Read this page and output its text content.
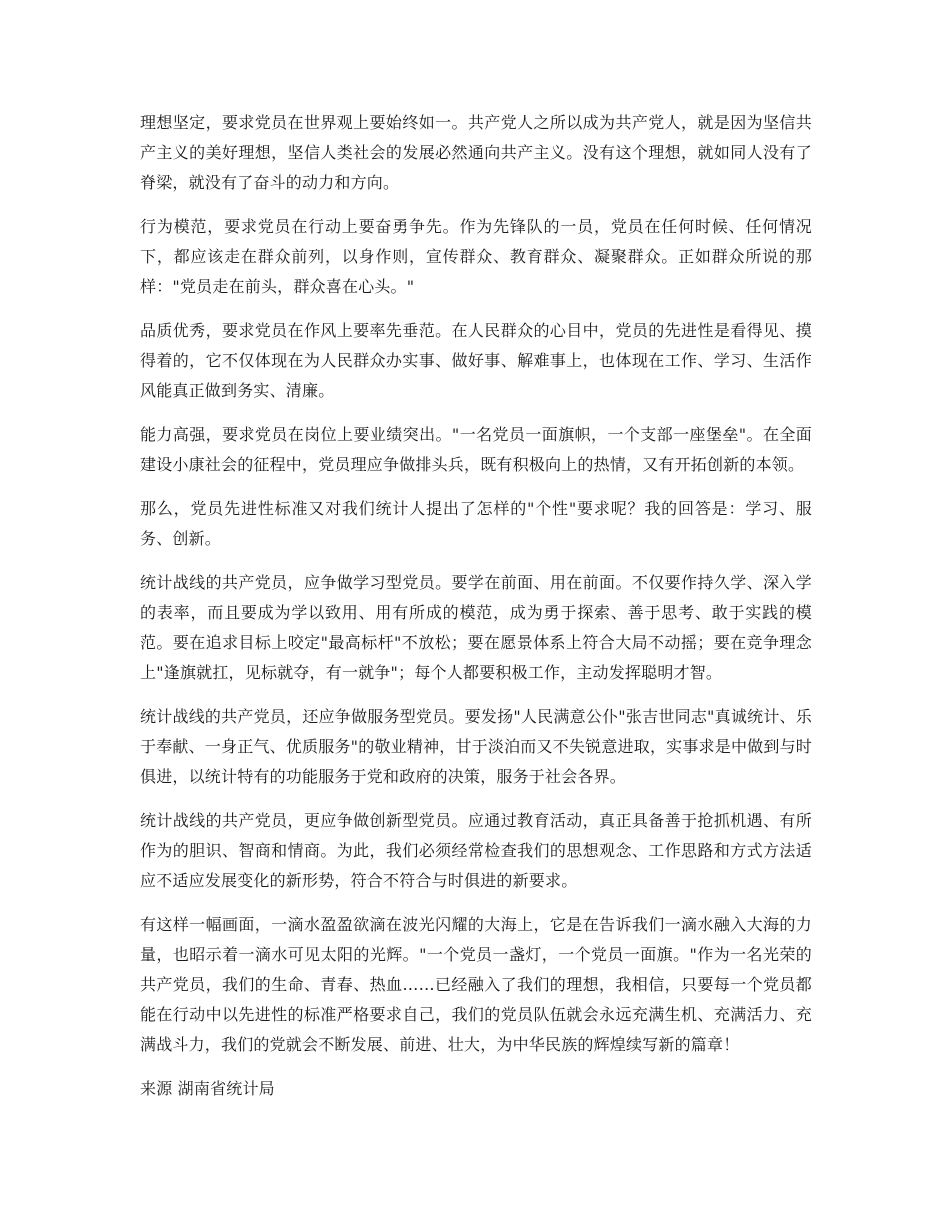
理想坚定，要求党员在世界观上要始终如一。共产党人之所以成为共产党人，就是因为坚信共产主义的美好理想，坚信人类社会的发展必然通向共产主义。没有这个理想，就如同人没有了脊梁，就没有了奋斗的动力和方向。

行为模范，要求党员在行动上要奋勇争先。作为先锋队的一员，党员在任何时候、任何情况下，都应该走在群众前列，以身作则，宣传群众、教育群众、凝聚群众。正如群众所说的那样："党员走在前头，群众喜在心头。"

品质优秀，要求党员在作风上要率先垂范。在人民群众的心目中，党员的先进性是看得见、摸得着的，它不仅体现在为人民群众办实事、做好事、解难事上，也体现在工作、学习、生活作风能真正做到务实、清廉。

能力高强，要求党员在岗位上要业绩突出。"一名党员一面旗帜，一个支部一座堡垒"。在全面建设小康社会的征程中，党员理应争做排头兵，既有积极向上的热情，又有开拓创新的本领。

那么，党员先进性标准又对我们统计人提出了怎样的"个性"要求呢？我的回答是：学习、服务、创新。

统计战线的共产党员，应争做学习型党员。要学在前面、用在前面。不仅要作持久学、深入学的表率，而且要成为学以致用、用有所成的模范，成为勇于探索、善于思考、敢于实践的模范。要在追求目标上咬定"最高标杆"不放松；要在愿景体系上符合大局不动摇；要在竞争理念上"逢旗就扛，见标就夺，有一就争"；每个人都要积极工作，主动发挥聪明才智。

统计战线的共产党员，还应争做服务型党员。要发扬"人民满意公仆"张吉世同志"真诚统计、乐于奉献、一身正气、优质服务"的敬业精神，甘于淡泊而又不失锐意进取，实事求是中做到与时俱进，以统计特有的功能服务于党和政府的决策，服务于社会各界。

统计战线的共产党员，更应争做创新型党员。应通过教育活动，真正具备善于抢抓机遇、有所作为的胆识、智商和情商。为此，我们必须经常检查我们的思想观念、工作思路和方式方法适应不适应发展变化的新形势，符合不符合与时俱进的新要求。

有这样一幅画面，一滴水盈盈欲滴在波光闪耀的大海上，它是在告诉我们一滴水融入大海的力量，也昭示着一滴水可见太阳的光辉。"一个党员一盏灯，一个党员一面旗。"作为一名光荣的共产党员，我们的生命、青春、热血……已经融入了我们的理想，我相信，只要每一个党员都能在行动中以先进性的标准严格要求自己，我们的党员队伍就会永远充满生机、充满活力、充满战斗力，我们的党就会不断发展、前进、壮大，为中华民族的辉煌续写新的篇章！

来源 湖南省统计局
